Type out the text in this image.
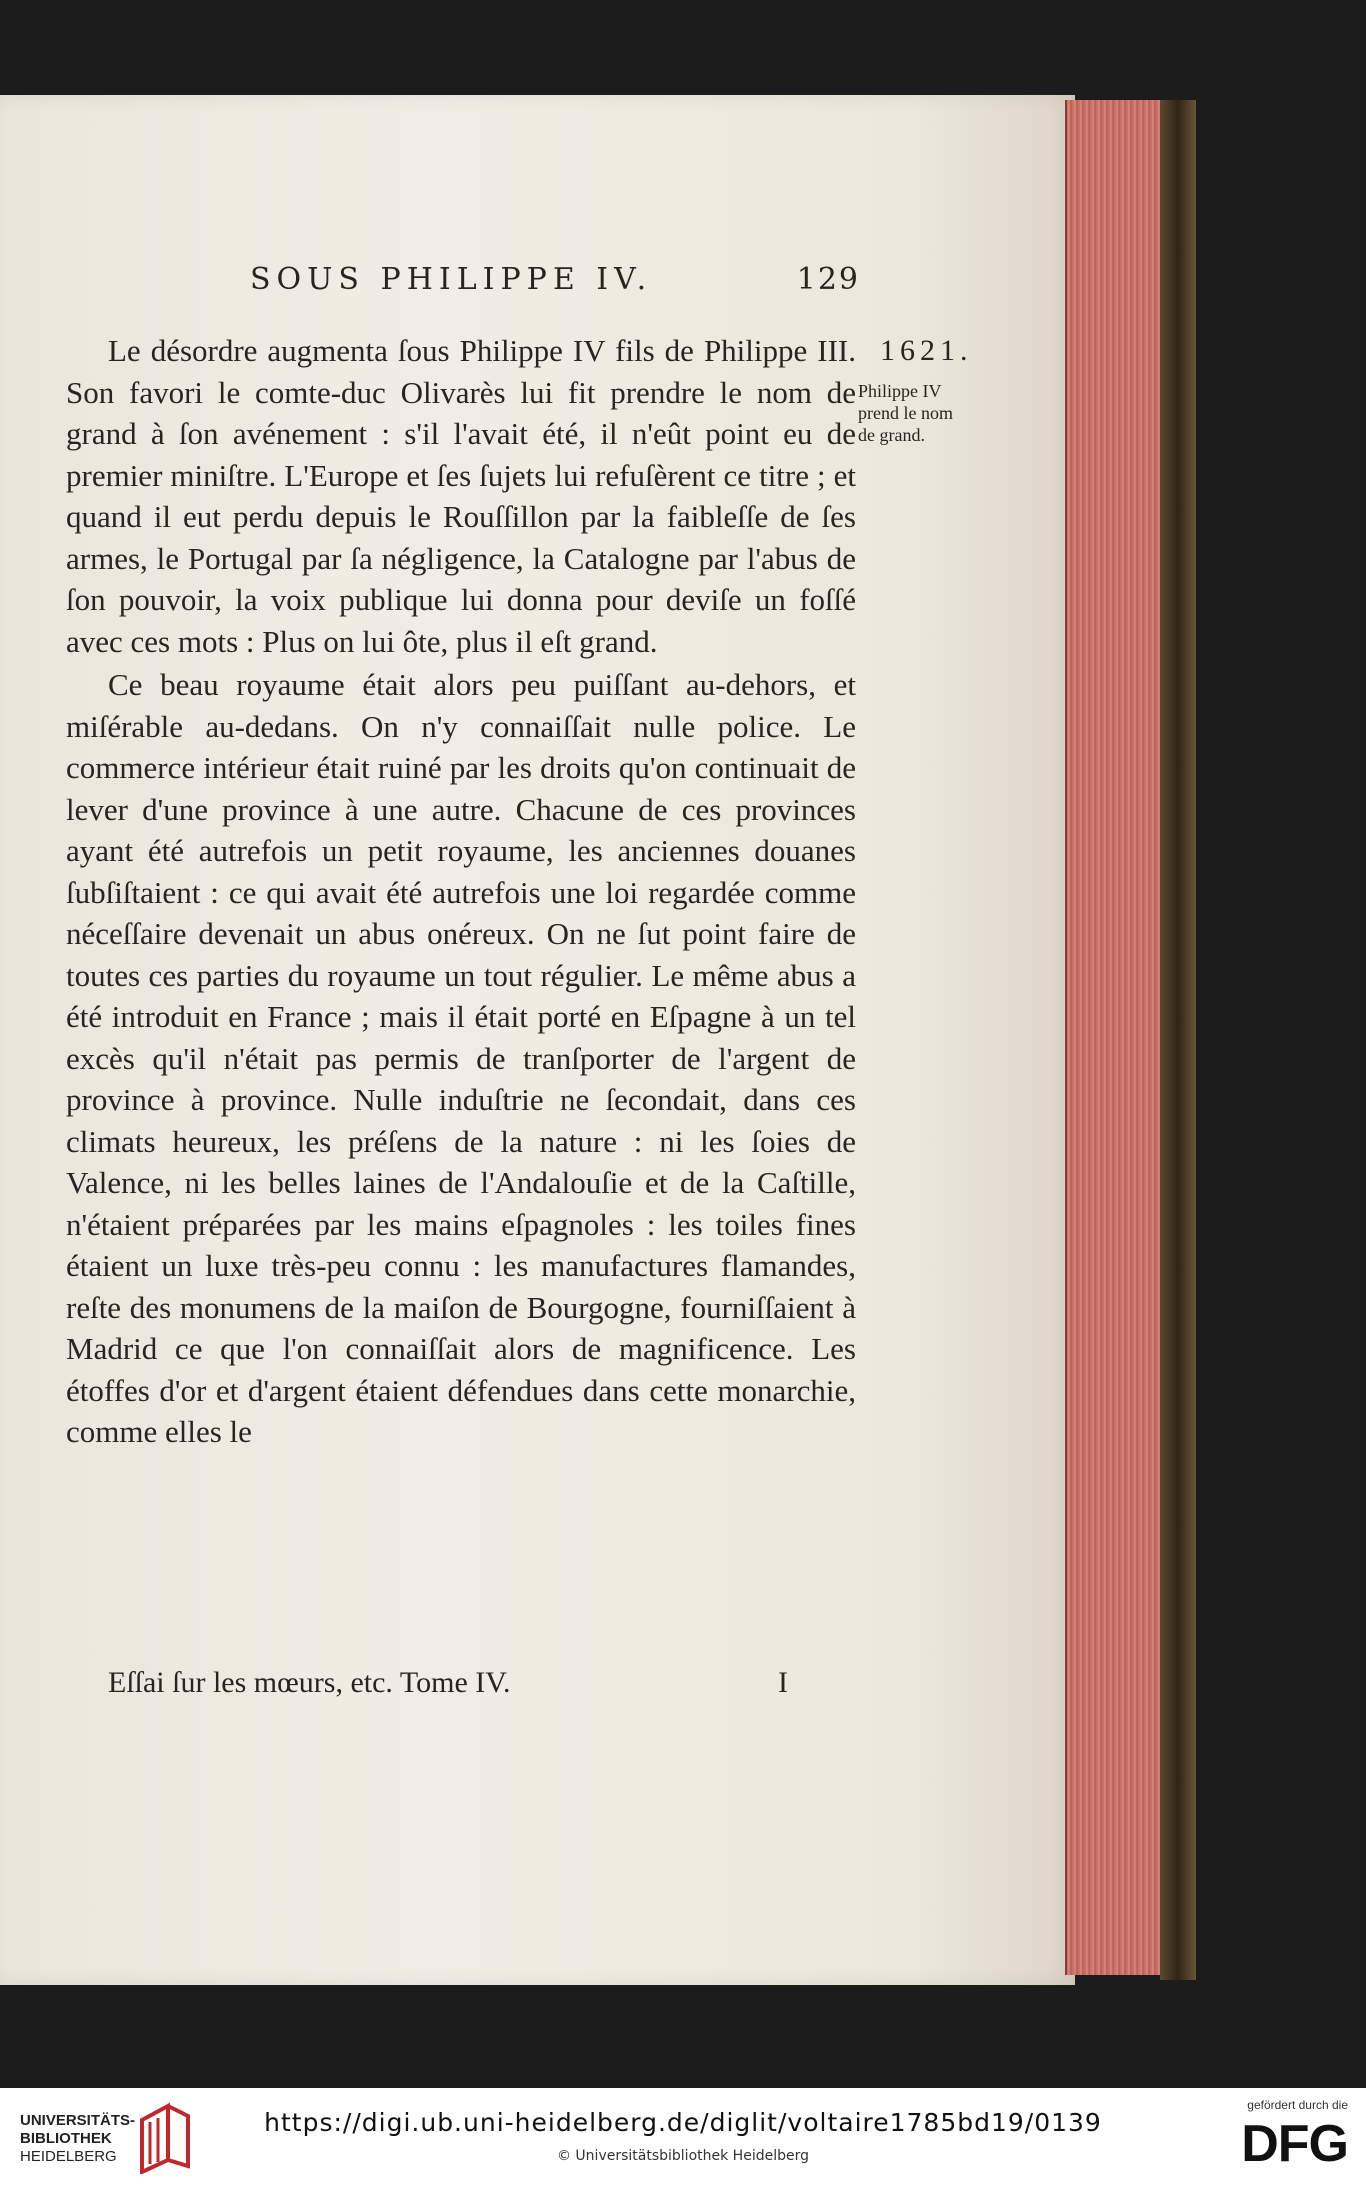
SOUS PHILIPPE IV.	129
1621.
Philippe IV
prend le nom
de grand.

Le désordre augmenta ſous Philippe IV fils de Philippe III. Son favori le comte-duc Olivarès lui fit prendre le nom de grand à ſon avénement : s'il l'avait été, il n'eût point eu de premier miniſtre. L'Europe et ſes ſujets lui refuſèrent ce titre ; et quand il eut perdu depuis le Rouſſillon par la faibleſſe de ſes armes, le Portugal par ſa négligence, la Catalogne par l'abus de ſon pouvoir, la voix publique lui donna pour deviſe un foſſé avec ces mots : Plus on lui ôte, plus il eſt grand.

Ce beau royaume était alors peu puiſſant au-dehors, et miſérable au-dedans. On n'y connaiſſait nulle police. Le commerce intérieur était ruiné par les droits qu'on continuait de lever d'une province à une autre. Chacune de ces provinces ayant été autrefois un petit royaume, les anciennes douanes ſubſiſtaient : ce qui avait été autrefois une loi regardée comme néceſſaire devenait un abus onéreux. On ne ſut point faire de toutes ces parties du royaume un tout régulier. Le même abus a été introduit en France ; mais il était porté en Eſpagne à un tel excès qu'il n'était pas permis de tranſporter de l'argent de province à province. Nulle induſtrie ne ſecondait, dans ces climats heureux, les préſens de la nature : ni les ſoies de Valence, ni les belles laines de l'Andalouſie et de la Caſtille, n'étaient préparées par les mains eſpagnoles : les toiles fines étaient un luxe très-peu connu : les manufactures flamandes, reſte des monumens de la maiſon de Bourgogne, fourniſſaient à Madrid ce que l'on connaiſſait alors de magnificence. Les étoffes d'or et d'argent étaient défendues dans cette monarchie, comme elles le

Eſſai ſur les mœurs, etc. Tome IV.	I
UNIVERSITÄTS-
BIBLIOTHEK
HEIDELBERG
https://digi.ub.uni-heidelberg.de/diglit/voltaire1785bd19/0139
© Universitätsbibliothek Heidelberg
gefördert durch die
DFG
